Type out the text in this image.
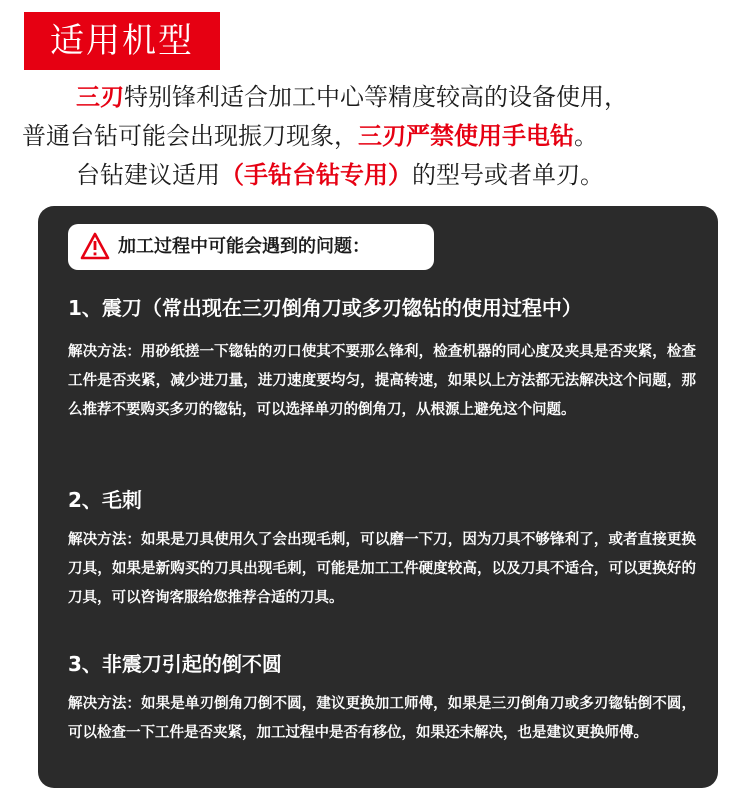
适用机型
三刃特别锋利适合加工中心等精度较高的设备使用，
普通台钻可能会出现振刀现象，三刃严禁使用手电钻。
台钻建议适用（手钻台钻专用）的型号或者单刃。
加工过程中可能会遇到的问题：
1、震刀（常出现在三刃倒角刀或多刃锪钻的使用过程中）
解决方法：用砂纸搓一下锪钻的刃口使其不要那么锋利，检查机器的同心度及夹具是否夹紧，检查工件是否夹紧，减少进刀量，进刀速度要均匀，提高转速，如果以上方法都无法解决这个问题，那么推荐不要购买多刃的锪钻，可以选择单刃的倒角刀，从根源上避免这个问题。
2、毛刺
解决方法：如果是刀具使用久了会出现毛刺，可以磨一下刀，因为刀具不够锋利了，或者直接更换刀具，如果是新购买的刀具出现毛刺，可能是加工工件硬度较高，以及刀具不适合，可以更换好的刀具，可以咨询客服给您推荐合适的刀具。
3、非震刀引起的倒不圆
解决方法：如果是单刃倒角刀倒不圆，建议更换加工师傅，如果是三刃倒角刀或多刃锪钻倒不圆，可以检查一下工件是否夹紧，加工过程中是否有移位，如果还未解决，也是建议更换师傅。
